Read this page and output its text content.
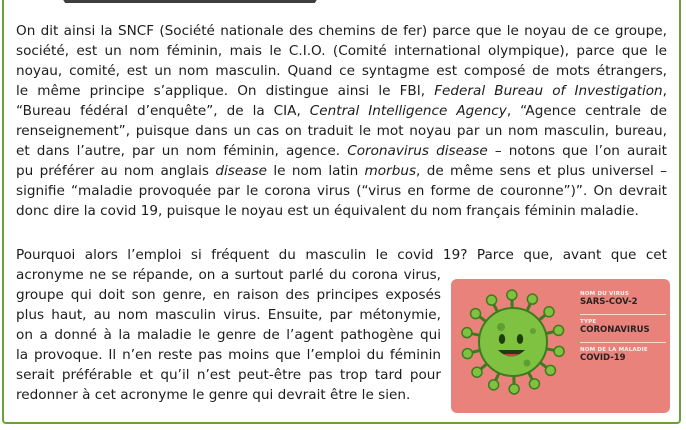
On dit ainsi la SNCF (Société nationale des chemins de fer) parce que le noyau de ce groupe,
société, est un nom féminin, mais le C.I.O. (Comité international olympique), parce que le
noyau, comité, est un nom masculin. Quand ce syntagme est composé de mots étrangers,
le même principe s’applique. On distingue ainsi le FBI, Federal Bureau of Investigation,
“Bureau fédéral d’enquête”, de la CIA, Central Intelligence Agency, “Agence centrale de
renseignement”, puisque dans un cas on traduit le mot noyau par un nom masculin, bureau,
et dans l’autre, par un nom féminin, agence. Coronavirus disease – notons que l’on aurait
pu préférer au nom anglais disease le nom latin morbus, de même sens et plus universel –
signifie “maladie provoquée par le corona virus (“virus en forme de couronne”)”. On devrait
donc dire la covid 19, puisque le noyau est un équivalent du nom français féminin maladie.
Pourquoi alors l’emploi si fréquent du masculin le covid 19? Parce que, avant que cet
acronyme ne se répande, on a surtout parlé du corona virus,
groupe qui doit son genre, en raison des principes exposés
plus haut, au nom masculin virus. Ensuite, par métonymie,
on a donné à la maladie le genre de l’agent pathogène qui
la provoque. Il n’en reste pas moins que l’emploi du féminin
serait préférable et qu’il n’est peut-être pas trop tard pour
redonner à cet acronyme le genre qui devrait être le sien.
NOM DU VIRUS
SARS-COV-2
TYPE
CORONAVIRUS
NOM DE LA MALADIE
COVID-19
